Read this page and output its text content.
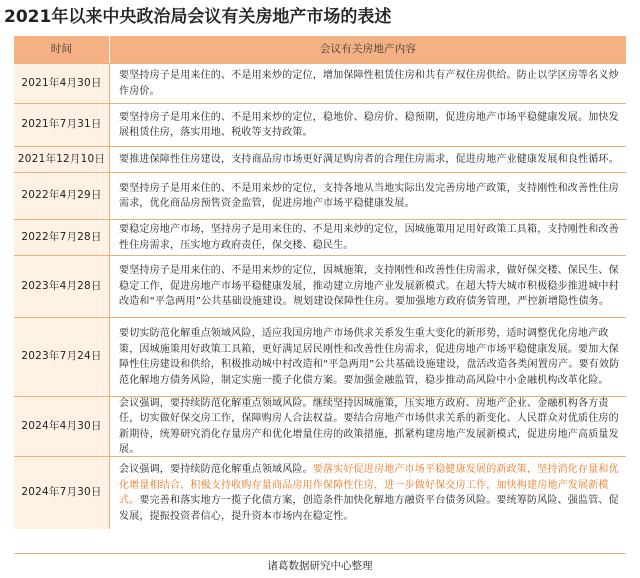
2021年以来中央政治局会议有关房地产市场的表述
时间	会议有关房地产内容
2021年4月30日
要坚持房子是用来住的、不是用来炒的定位，增加保障性租赁住房和共有产权住房供给。防止以学区房等名义炒作房价。
2021年7月31日
要坚持房子是用来住的、不是用来炒的定位，稳地价、稳房价、稳预期，促进房地产市场平稳健康发展。加快发展租赁住房，落实用地、税收等支持政策。
2021年12月10日	要推进保障性住房建设，支持商品房市场更好满足购房者的合理住房需求，促进房地产业健康发展和良性循环。
2022年4月29日
要坚持房子是用来住的、不是用来炒的定位，支持各地从当地实际出发完善房地产政策，支持刚性和改善性住房需求，优化商品房预售资金监管，促进房地产市场平稳健康发展。
2022年7月28日
要稳定房地产市场，坚持房子是用来住的、不是用来炒的定位，因城施策用足用好政策工具箱，支持刚性和改善性住房需求，压实地方政府责任，保交楼、稳民生。
2023年4月28日
要坚持房子是用来住的、不是用来炒的定位，因城施策，支持刚性和改善性住房需求，做好保交楼、保民生、保稳定工作，促进房地产市场平稳健康发展，推动建立房地产业发展新模式。在超大特大城市积极稳步推进城中村改造和“平急两用”公共基础设施建设。规划建设保障性住房。要加强地方政府债务管理，严控新增隐性债务。
2023年7月24日
要切实防范化解重点领域风险，适应我国房地产市场供求关系发生重大变化的新形势，适时调整优化房地产政策，因城施策用好政策工具箱，更好满足居民刚性和改善性住房需求，促进房地产市场平稳健康发展。要加大保障性住房建设和供给，积极推动城中村改造和“平急两用”公共基础设施建设，盘活改造各类闲置房产。要有效防范化解地方债务风险，制定实施一揽子化债方案。要加强金融监管，稳步推动高风险中小金融机构改革化险。
2024年4月30日
会议强调，要持续防范化解重点领域风险。继续坚持因城施策，压实地方政府、房地产企业、金融机构各方责任，切实做好保交房工作，保障购房人合法权益。要结合房地产市场供求关系的新变化、人民群众对优质住房的新期待，统筹研究消化存量房产和优化增量住房的政策措施，抓紧构建房地产发展新模式，促进房地产高质量发展。
2024年7月30日
会议强调，要持续防范化解重点领域风险。要落实好促进房地产市场平稳健康发展的新政策，坚持消化存量和优化增量相结合，积极支持收购存量商品房用作保障性住房，进一步做好保交房工作，加快构建房地产发展新模式。要完善和落实地方一揽子化债方案，创造条件加快化解地方融资平台债务风险。要统筹防风险、强监管、促发展，提振投资者信心，提升资本市场内在稳定性。
诸葛数据研究中心整理
